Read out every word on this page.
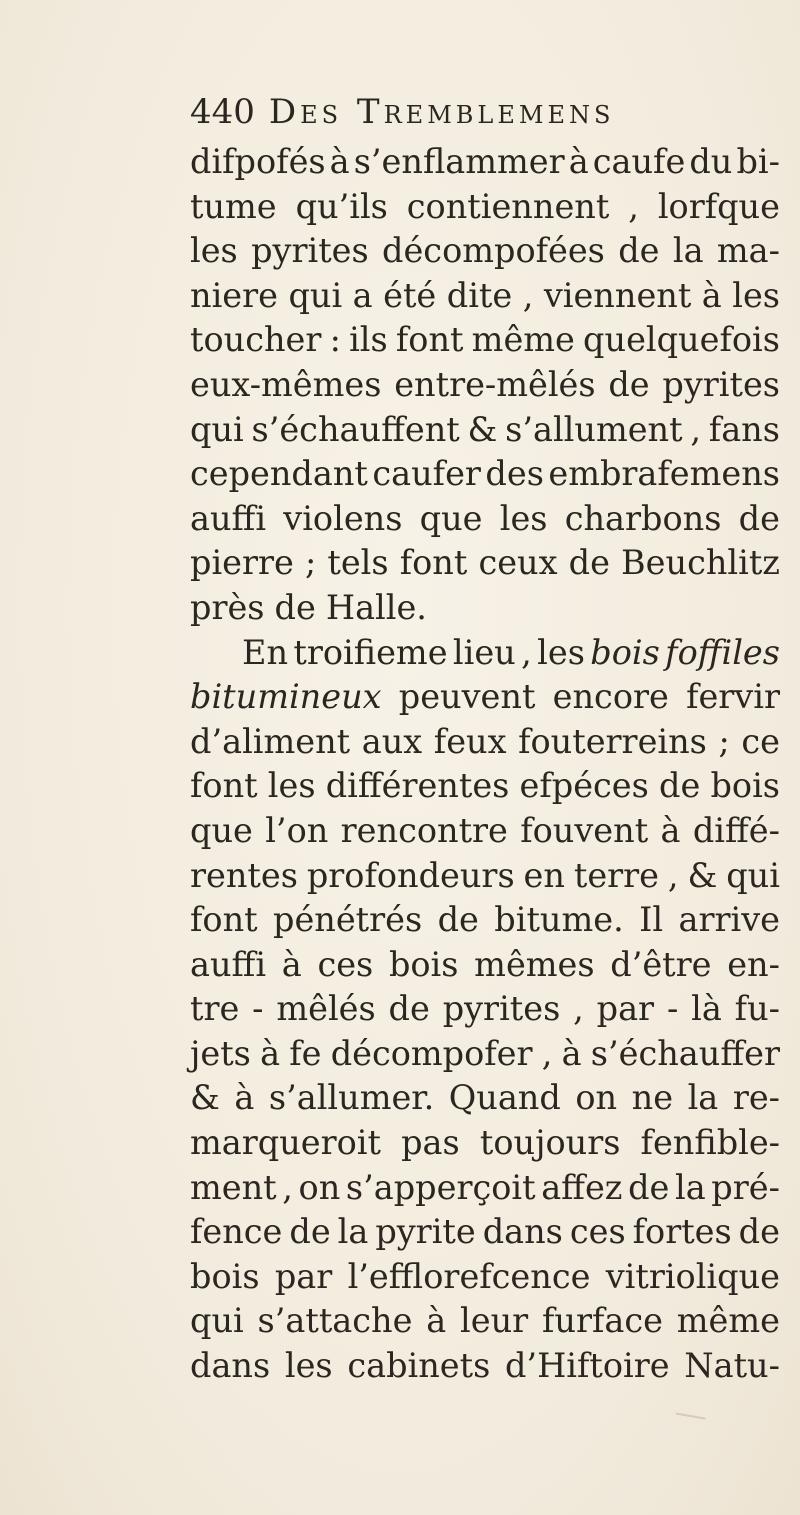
440 Des Tremblemens
difpofés à s’enflammer à caufe du bi-
tume qu’ils contiennent , lorfque
les pyrites décompofées de la ma-
niere qui a été dite , viennent à les
toucher : ils font même quelquefois
eux-mêmes entre-mêlés de pyrites
qui s’échauffent & s’allument , fans
cependant caufer des embrafemens
auffi violens que les charbons de
pierre ; tels font ceux de Beuchlitz
près de Halle.
En troifieme lieu , les bois foffiles
bitumineux peuvent encore fervir
d’aliment aux feux fouterreins ; ce
font les différentes efpéces de bois
que l’on rencontre fouvent à diffé-
rentes profondeurs en terre , & qui
font pénétrés de bitume. Il arrive
auffi à ces bois mêmes d’être en-
tre - mêlés de pyrites , par - là fu-
jets à fe décompofer , à s’échauffer
& à s’allumer. Quand on ne la re-
marqueroit pas toujours fenfible-
ment , on s’apperçoit affez de la pré-
fence de la pyrite dans ces fortes de
bois par l’efflorefcence vitriolique
qui s’attache à leur furface même
dans les cabinets d’Hiftoire Natu-
